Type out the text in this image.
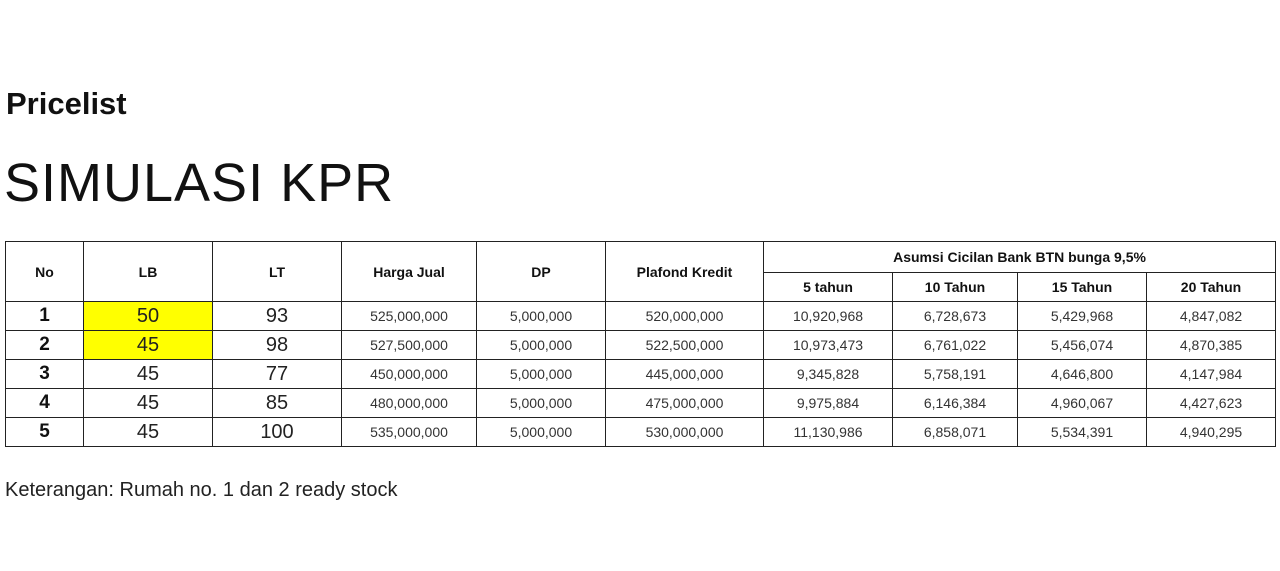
Pricelist
SIMULASI KPR
No	LB	LT	Harga Jual	DP	Plafond Kredit	Asumsi Cicilan Bank BTN bunga 9,5%			
						5 tahun	10 Tahun	15 Tahun	20 Tahun
1	50	93	525,000,000	5,000,000	520,000,000	10,920,968	6,728,673	5,429,968	4,847,082
2	45	98	527,500,000	5,000,000	522,500,000	10,973,473	6,761,022	5,456,074	4,870,385
3	45	77	450,000,000	5,000,000	445,000,000	9,345,828	5,758,191	4,646,800	4,147,984
4	45	85	480,000,000	5,000,000	475,000,000	9,975,884	6,146,384	4,960,067	4,427,623
5	45	100	535,000,000	5,000,000	530,000,000	11,130,986	6,858,071	5,534,391	4,940,295
Keterangan: Rumah no. 1 dan 2 ready stock
